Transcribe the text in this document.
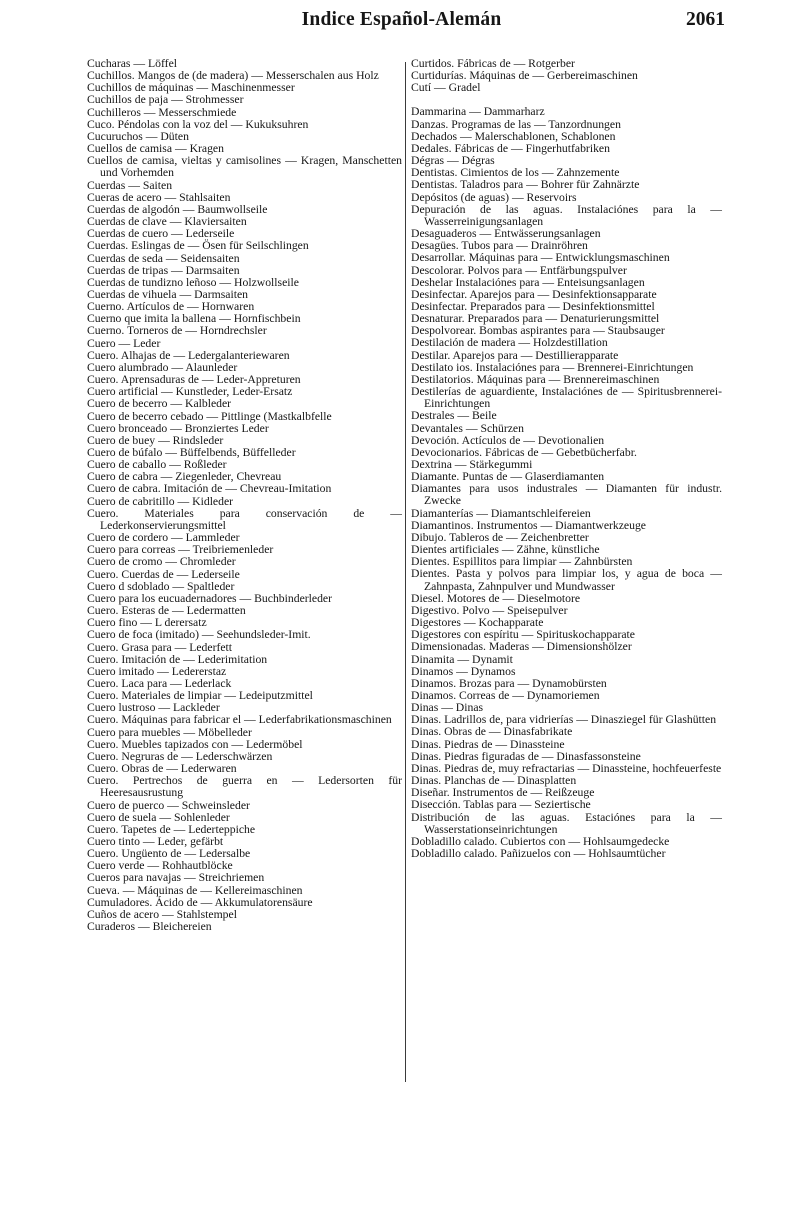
Indice Español-Alemán	2061
Cucharas — Löffel
Cuchillos. Mangos de (de madera) — Messerschalen aus Holz
Cuchillos de máquinas — Maschinenmesser
Cuchillos de paja — Strohmesser
Cuchilleros — Messerschmiede
Cuco. Péndolas con la voz del — Kukuksuhren
Cucuruchos — Düten
Cuellos de camisa — Kragen
Cuellos de camisa, vieltas y camisolines — Kragen, Manschetten und Vorhemden
Cuerdas — Saiten
Cueras de acero — Stahlsaiten
Cuerdas de algodón — Baumwollseile
Cuerdas de clave — Klaviersaiten
Cuerdas de cuero — Lederseile
Cuerdas. Eslingas de — Ösen für Seilschlingen
Cuerdas de seda — Seidensaiten
Cuerdas de tripas — Darmsaiten
Cuerdas de tundizno leñoso — Holzwollseile
Cuerdas de vihuela — Darmsaiten
Cuerno. Artículos de — Hornwaren
Cuerno que imita la ballena — Hornfischbein
Cuerno. Torneros de — Horndrechsler
Cuero — Leder
Cuero. Alhajas de — Ledergalanteriewaren
Cuero alumbrado — Alaunleder
Cuero. Aprensaduras de — Leder-Appreturen
Cuero artificial — Kunstleder, Leder-Ersatz
Cuero de becerro — Kalbleder
Cuero de becerro cebado — Pittlinge (Mastkalbfelle
Cuero bronceado — Bronziertes Leder
Cuero de buey — Rindsleder
Cuero de búfalo — Büffelbends, Büffelleder
Cuero de caballo — Roßleder
Cuero de cabra — Ziegenleder, Chevreau
Cuero de cabra. Imitación de — Chevreau-Imitation
Cuero de cabritillo — Kidleder
Cuero. Materiales para conservación de — Lederkonservierungsmittel
Cuero de cordero — Lammleder
Cuero para correas — Treibriemenleder
Cuero de cromo — Chromleder
Cuero. Cuerdas de — Lederseile
Cuero d sdoblado — Spaltleder
Cuero para los eucuadernadores — Buchbinderleder
Cuero. Esteras de — Ledermatten
Cuero fino — L derersatz
Cuero de foca (imitado) — Seehundsleder-Imit.
Cuero. Grasa para — Lederfett
Cuero. Imitación de — Lederimitation
Cuero imitado — Ledererstaz
Cuero. Laca para — Lederlack
Cuero. Materiales de limpiar — Ledeiputzmittel
Cuero lustroso — Lackleder
Cuero. Máquinas para fabricar el — Lederfabrikationsmaschinen
Cuero para muebles — Möbelleder
Cuero. Muebles tapizados con — Ledermöbel
Cuero. Negruras de — Lederschwärzen
Cuero. Obras de — Lederwaren
Cuero. Pertrechos de guerra en — Ledersorten für Heeresausrustung
Cuero de puerco — Schweinsleder
Cuero de suela — Sohlenleder
Cuero. Tapetes de — Lederteppiche
Cuero tinto — Leder, gefärbt
Cuero. Ungüento de — Ledersalbe
Cuero verde — Rohhautblöcke
Cueros para navajas — Streichriemen
Cueva. — Máquinas de — Kellereimaschinen
Cumuladores. Ácido de — Akkumulatorensäure
Cuños de acero — Stahlstempel
Curaderos — Bleichereien
Curtidos. Fábricas de — Rotgerber
Curtidurías. Máquinas de — Gerbereimaschinen
Cutí — Gradel
Dammarina — Dammarharz
Danzas. Programas de las — Tanzordnungen
Dechados — Malerschablonen, Schablonen
Dedales. Fábricas de — Fingerhutfabriken
Dégras — Dégras
Dentistas. Cimientos de los — Zahnzemente
Dentistas. Taladros para — Bohrer für Zahnärzte
Depósitos (de aguas) — Reservoirs
Depuración de las aguas. Instalaciónes para la — Wasserreinigungsanlagen
Desaguaderos — Entwässerungsanlagen
Desagües. Tubos para — Drainröhren
Desarrollar. Máquinas para — Entwicklungsmaschinen
Descolorar. Polvos para — Entfärbungspulver
Deshelar Instalaciónes para — Enteisungsanlagen
Desinfectar. Aparejos para — Desinfektionsapparate
Desinfectar. Preparados para — Desinfektionsmittel
Desnaturar. Preparados para — Denaturierungsmittel
Despolvorear. Bombas aspirantes para — Staubsauger
Destilación de madera — Holzdestillation
Destilar. Aparejos para — Destillierapparate
Destilato ios. Instalaciónes para — Brennerei-Einrichtungen
Destilatorios. Máquinas para — Brennereimaschinen
Destilerías de aguardiente, Instalaciónes de — Spiritusbrennerei-Einrichtungen
Destrales — Beile
Devantales — Schürzen
Devoción. Actículos de — Devotionalien
Devocionarios. Fábricas de — Gebetbücherfabr.
Dextrina — Stärkegummi
Diamante. Puntas de — Glaserdiamanten
Diamantes para usos industrales — Diamanten für industr. Zwecke
Diamanterías — Diamantschleifereien
Diamantinos. Instrumentos — Diamantwerkzeuge
Dibujo. Tableros de — Zeichenbretter
Dientes artificiales — Zähne, künstliche
Dientes. Espillitos para limpiar — Zahnbürsten
Dientes. Pasta y polvos para limpiar los, y agua de boca — Zahnpasta, Zahnpulver und Mundwasser
Diesel. Motores de — Dieselmotore
Digestivo. Polvo — Speisepulver
Digestores — Kochapparate
Digestores con espíritu — Spirituskochapparate
Dimensionadas. Maderas — Dimensionshölzer
Dinamita — Dynamit
Dinamos — Dynamos
Dinamos. Brozas para — Dynamobürsten
Dinamos. Correas de — Dynamoriemen
Dinas — Dinas
Dinas. Ladrillos de, para vidrierías — Dinasziegel für Glashütten
Dinas. Obras de — Dinasfabrikate
Dinas. Piedras de — Dinassteine
Dinas. Piedras figuradas de — Dinasfassonsteine
Dinas. Piedras de, muy refractarias — Dinassteine, hochfeuerfeste
Dinas. Planchas de — Dinasplatten
Diseñar. Instrumentos de — Reißzeuge
Disección. Tablas para — Seziertische
Distribución de las aguas. Estaciónes para la — Wasserstationseinrichtungen
Dobladillo calado. Cubiertos con — Hohlsaumgedecke
Dobladillo calado. Pañizuelos con — Hohlsaumtücher
